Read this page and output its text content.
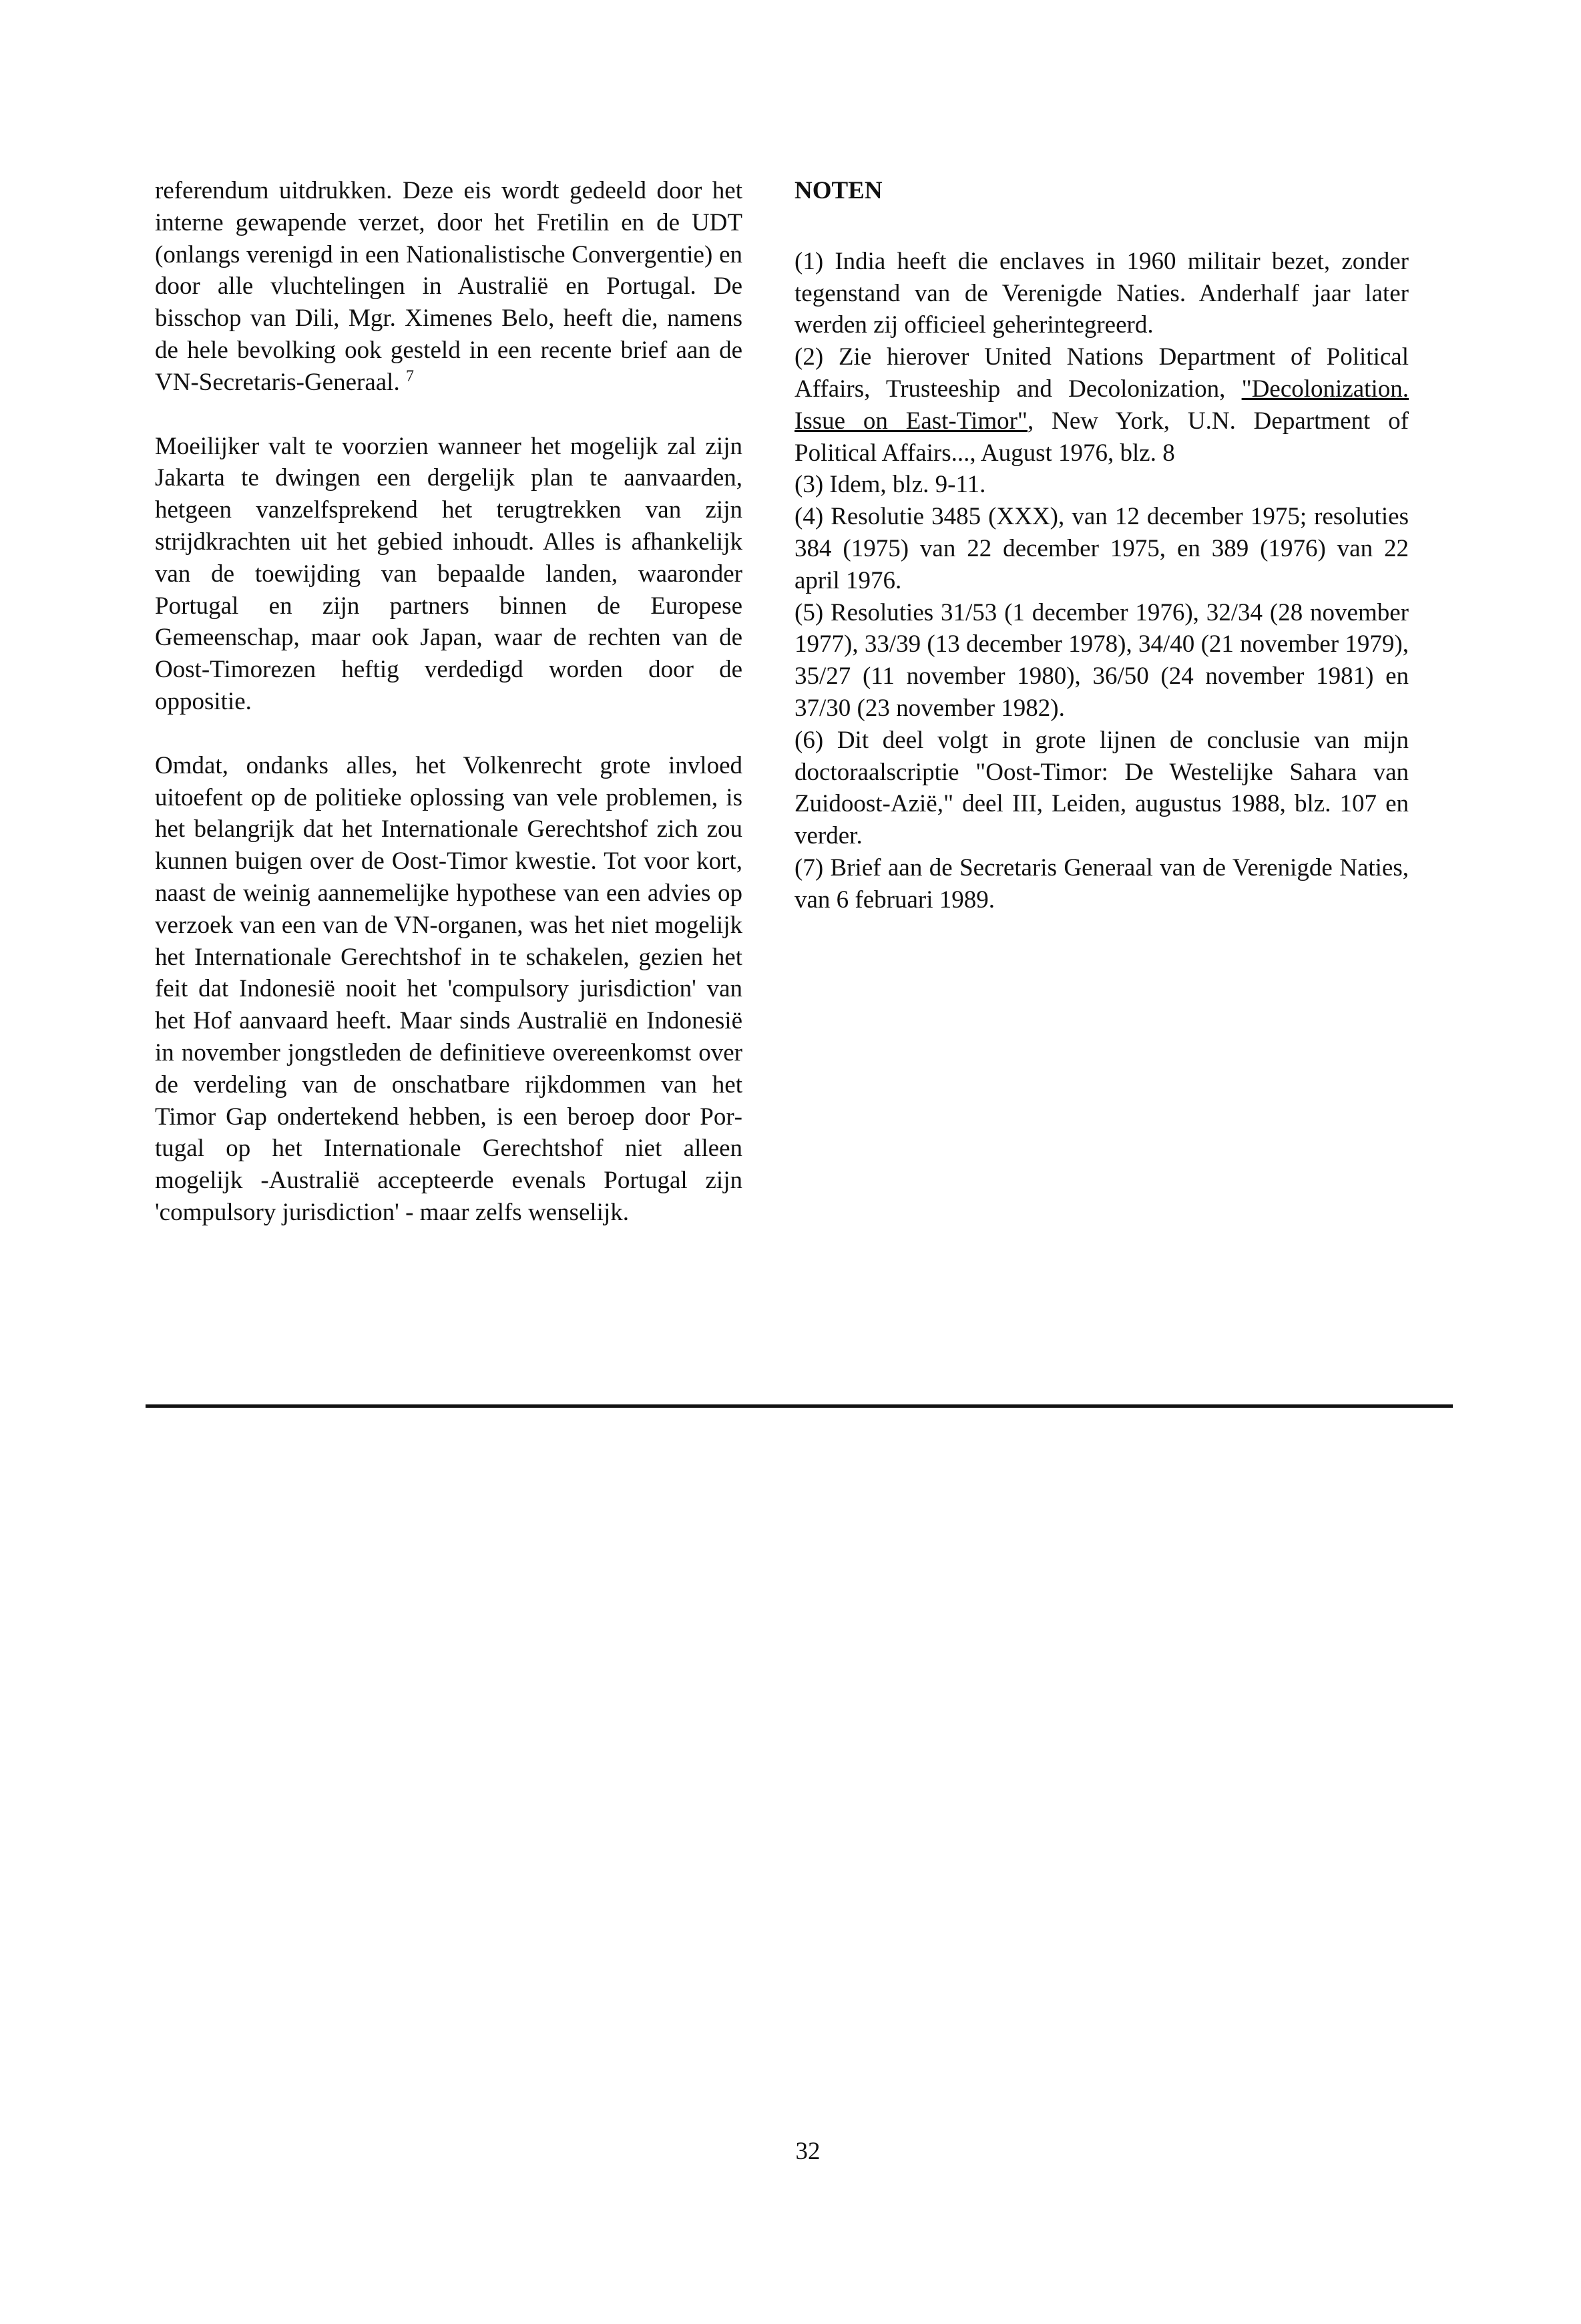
referendum uitdrukken. Deze eis wordt gedeeld door het interne gewapende verzet, door het Fretilin en de UDT (onlangs verenigd in een Nationalistische Convergentie) en door alle vluchtelingen in Australië en Portugal. De bisschop van Dili, Mgr. Ximenes Belo, heeft die, namens de hele bevolking ook gesteld in een recente brief aan de VN-Secretaris-Generaal. $^7$

Moeilijker valt te voorzien wanneer het mogelijk zal zijn Jakarta te dwingen een dergelijk plan te aanvaarden, hetgeen vanzelfsprekend het terugtrekken van zijn strijdkrachten uit het gebied inhoudt. Alles is afhankelijk van de toewijding van bepaalde landen, waaronder Portugal en zijn partners binnen de Europese Gemeenschap, maar ook Japan, waar de rechten van de Oost-Timorezen heftig verdedigd worden door de oppositie.

Omdat, ondanks alles, het Volkenrecht grote invloed uitoefent op de politieke oplossing van vele problemen, is het belangrijk dat het Internationale Gerechtshof zich zou kunnen buigen over de Oost-Timor kwestie. Tot voor kort, naast de weinig aannemelijke hypothese van een advies op verzoek van een van de VN-organen, was het niet mogelijk het Internationale Gerechtshof in te schakelen, gezien het feit dat Indonesië nooit het 'compulsory jurisdiction' van het Hof aanvaard heeft. Maar sinds Australië en Indonesië in november jongstleden de definitieve overeenkomst over de verdeling van de onschatbare rijkdommen van het Timor Gap ondertekend hebben, is een beroep door Portugal op het Internationale Gerechtshof niet alleen mogelijk -Australië accepteerde evenals Portugal zijn 'compulsory jurisdiction' - maar zelfs wenselijk.

NOTEN

(1) India heeft die enclaves in 1960 militair bezet, zonder tegenstand van de Verenigde Naties. Anderhalf jaar later werden zij officieel geherintegreerd.

(2) Zie hierover United Nations Department of Political Affairs, Trusteeship and Decolonization, "Decolonization. Issue on East-Timor", New York, U.N. Department of Political Affairs..., August 1976, blz. 8

(3) Idem, blz. 9-11.

(4) Resolutie 3485 (XXX), van 12 december 1975; resoluties 384 (1975) van 22 december 1975, en 389 (1976) van 22 april 1976.

(5) Resoluties 31/53 (1 december 1976), 32/34 (28 november 1977), 33/39 (13 december 1978), 34/40 (21 november 1979), 35/27 (11 november 1980), 36/50 (24 november 1981) en 37/30 (23 november 1982).

(6) Dit deel volgt in grote lijnen de conclusie van mijn doctoraalscriptie "Oost-Timor: De Westelijke Sahara van Zuidoost-Azië," deel III, Leiden, augustus 1988, blz. 107 en verder.

(7) Brief aan de Secretaris Generaal van de Verenigde Naties, van 6 februari 1989.

32
